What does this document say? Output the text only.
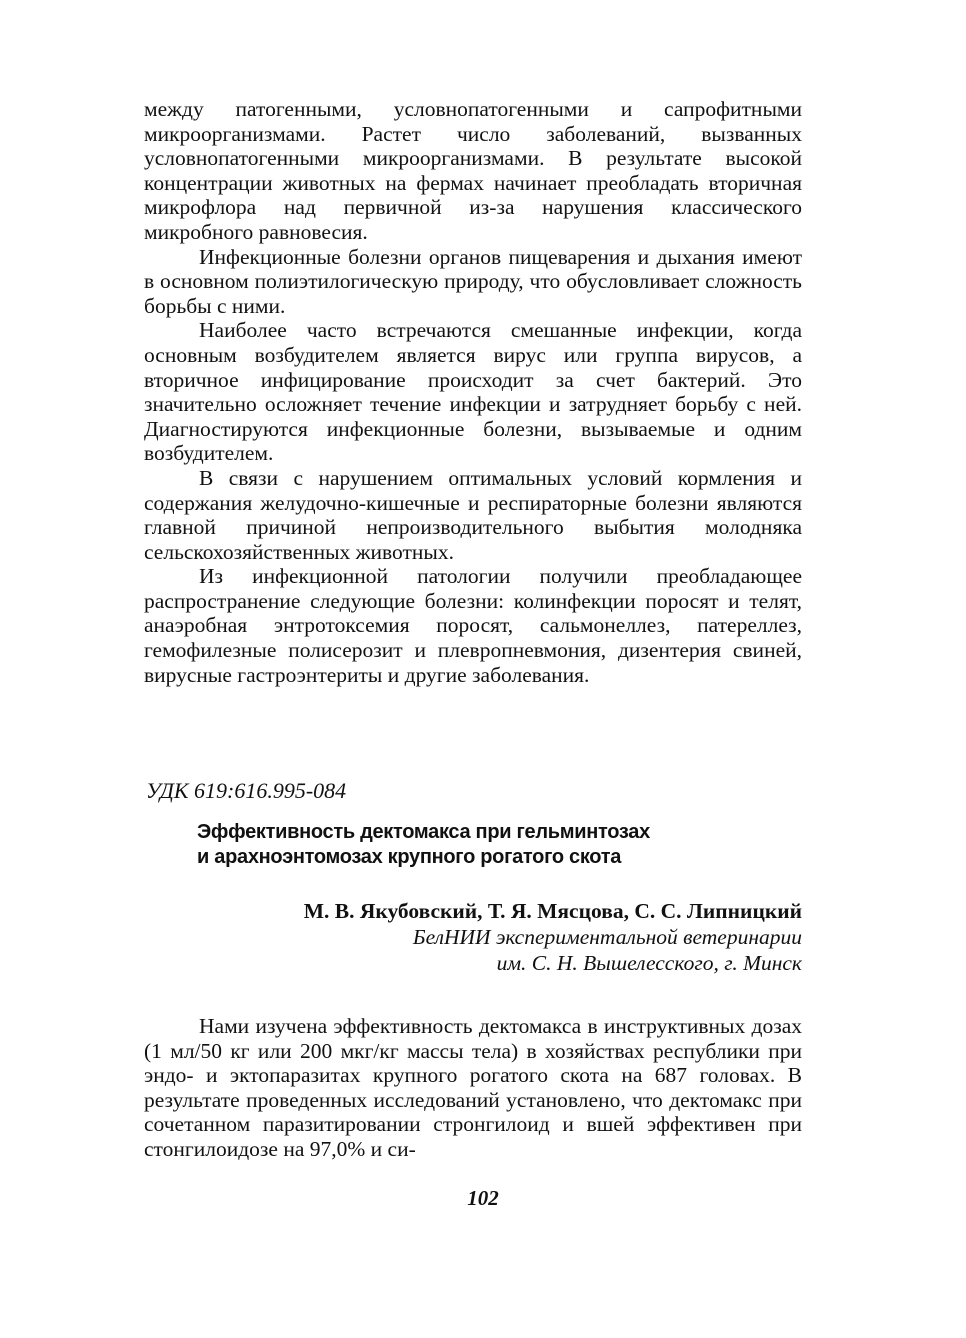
между патогенными, условнопатогенными и сапрофитными микроорганизмами. Растет число заболеваний, вызванных условнопатогенными микроорганизмами. В результате высокой концентрации животных на фермах начинает преобладать вторичная микрофлора над первичной из-за нарушения классического микробного равновесия.

Инфекционные болезни органов пищеварения и дыхания имеют в основном полиэтилогическую природу, что обусловливает сложность борьбы с ними.

Наиболее часто встречаются смешанные инфекции, когда основным возбудителем является вирус или группа вирусов, а вторичное инфицирование происходит за счет бактерий. Это значительно осложняет течение инфекции и затрудняет борьбу с ней. Диагностируются инфекционные болезни, вызываемые и одним возбудителем.

В связи с нарушением оптимальных условий кормления и содержания желудочно-кишечные и респираторные болезни являются главной причиной непроизводительного выбытия молодняка сельскохозяйственных животных.

Из инфекционной патологии получили преобладающее распространение следующие болезни: колинфекции поросят и телят, анаэробная энтротоксемия поросят, сальмонеллез, патереллез, гемофилезные полисерозит и плевропневмония, дизентерия свиней, вирусные гастроэнтериты и другие заболевания.

УДК 619:616.995-084
Эффективность дектомакса при гельминтозах
и арахноэнтомозах крупного рогатого скота
М. В. Якубовский, Т. Я. Мясцова, С. С. Липницкий
БелНИИ экспериментальной ветеринарии
им. С. Н. Вышелесского, г. Минск

Нами изучена эффективность дектомакса в инструктивных дозах (1 мл/50 кг или 200 мкг/кг массы тела) в хозяйствах республики при эндо- и эктопаразитах крупного рогатого скота на 687 головах. В результате проведенных исследований установлено, что дектомакс при сочетанном паразитировании стронгилоид и вшей эффективен при стонгилоидозе на 97,0% и си-

102
